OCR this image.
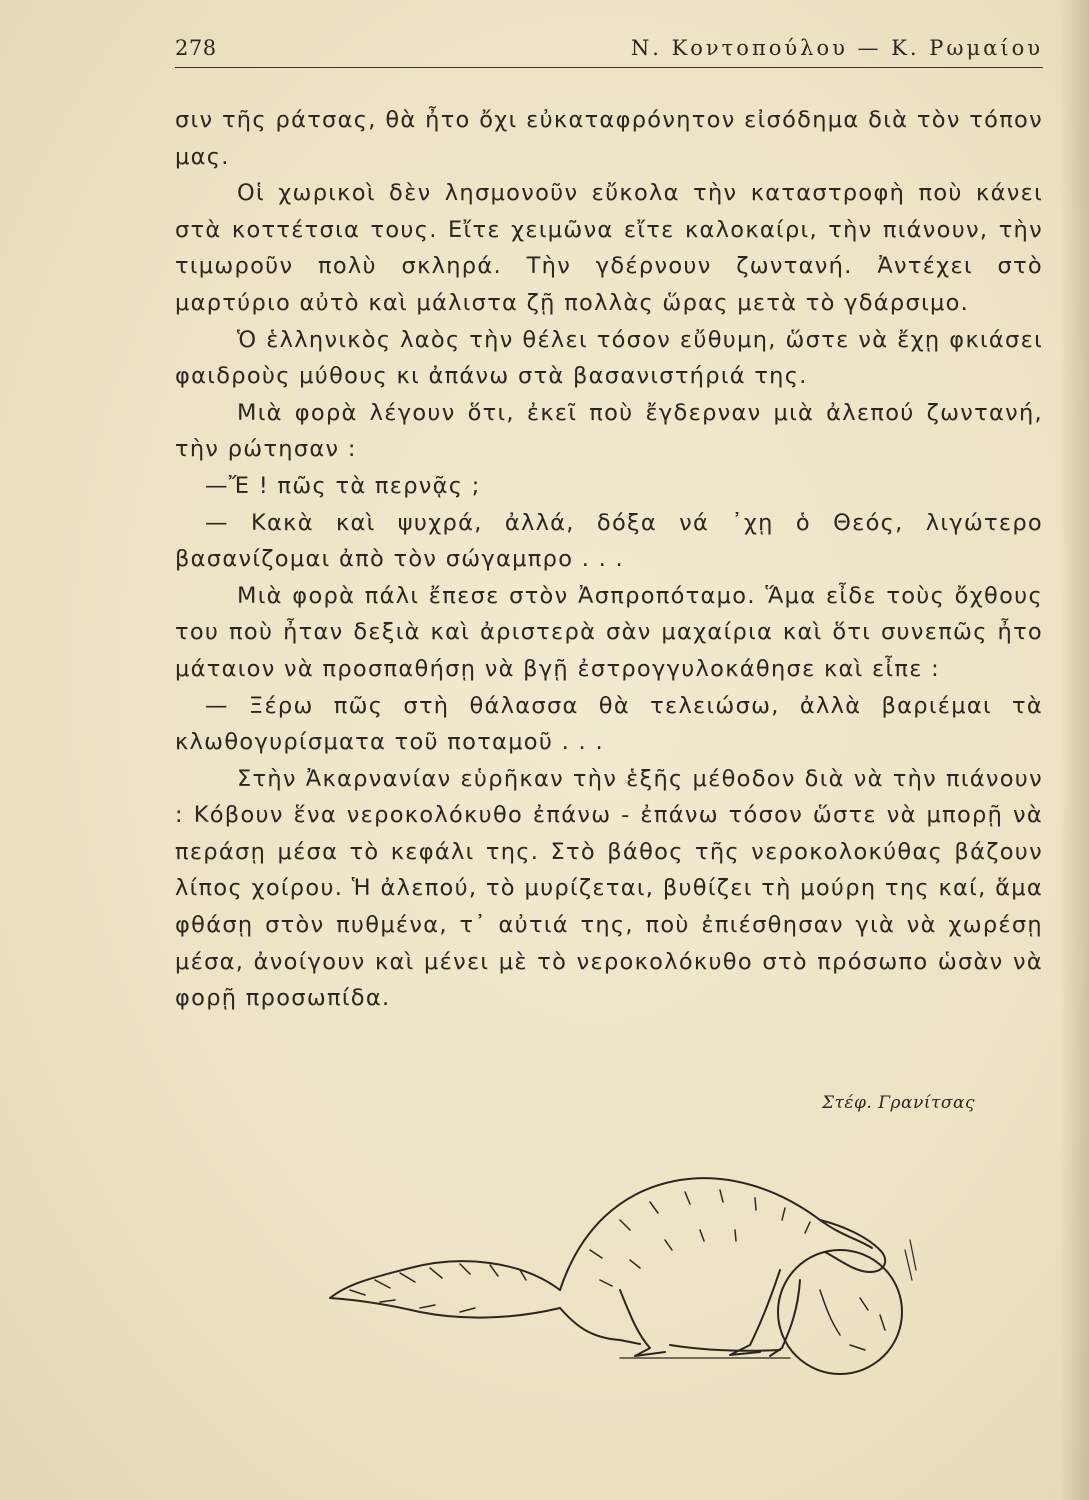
278	Ν. Κοντοπούλου — Κ. Ρωμαίου

σιν τῆς ράτσας, θὰ ἦτο ὄχι εὐκαταφρόνητον εἰσόδημα διὰ τὸν τόπον μας.

Οἱ χωρικοὶ δὲν λησμονοῦν εὔκολα τὴν καταστροφὴ ποὺ κάνει στὰ κοττέτσια τους. Εἴτε χειμῶνα εἴτε καλοκαίρι, τὴν πιάνουν, τὴν τιμωροῦν πολὺ σκληρά. Τὴν γδέρνουν ζωντανή. Ἀντέχει στὸ μαρτύριο αὐτὸ καὶ μάλιστα ζῇ πολλὰς ὥρας μετὰ τὸ γδάρσιμο.

Ὁ ἑλληνικὸς λαὸς τὴν θέλει τόσον εὔθυμη, ὥστε νὰ ἔχῃ φκιάσει φαιδροὺς μύθους κι ἀπάνω στὰ βασανιστήριά της.

Μιὰ φορὰ λέγουν ὅτι, ἐκεῖ ποὺ ἔγδερναν μιὰ ἀλεπού ζωντανή, τὴν ρώτησαν :

—Ἔ ! πῶς τὰ περνᾷς ;

— Κακὰ καὶ ψυχρά, ἀλλά, δόξα νά ᾿χῃ ὁ Θεός, λιγώτερο βασανίζομαι ἀπὸ τὸν σώγαμπρο . . .

Μιὰ φορὰ πάλι ἔπεσε στὸν Ἀσπροπόταμο. Ἅμα εἶδε τοὺς ὄχθους του ποὺ ἦταν δεξιὰ καὶ ἀριστερὰ σὰν μαχαίρια καὶ ὅτι συνεπῶς ἦτο μάταιον νὰ προσπαθήσῃ νὰ βγῇ ἐστρογγυλοκάθησε καὶ εἶπε :

— Ξέρω πῶς στὴ θάλασσα θὰ τελειώσω, ἀλλὰ βαριέμαι τὰ κλωθογυρίσματα τοῦ ποταμοῦ . . .

Στὴν Ἀκαρνανίαν εὑρῆκαν τὴν ἑξῆς μέθοδον διὰ νὰ τὴν πιάνουν : Κόβουν ἕνα νεροκολόκυθο ἐπάνω - ἐπάνω τόσον ὥστε νὰ μπορῇ νὰ περάσῃ μέσα τὸ κεφάλι της. Στὸ βάθος τῆς νεροκολοκύθας βάζουν λίπος χοίρου. Ἡ ἀλεπού, τὸ μυρίζεται, βυθίζει τὴ μούρη της καί, ἅμα φθάσῃ στὸν πυθμένα, τ᾿ αὐτιά της, ποὺ ἐπιέσθησαν γιὰ νὰ χωρέσῃ μέσα, ἀνοίγουν καὶ μένει μὲ τὸ νεροκολόκυθο στὸ πρόσωπο ὡσὰν νὰ φορῇ προσωπίδα.

Στέφ. Γρανίτσας
